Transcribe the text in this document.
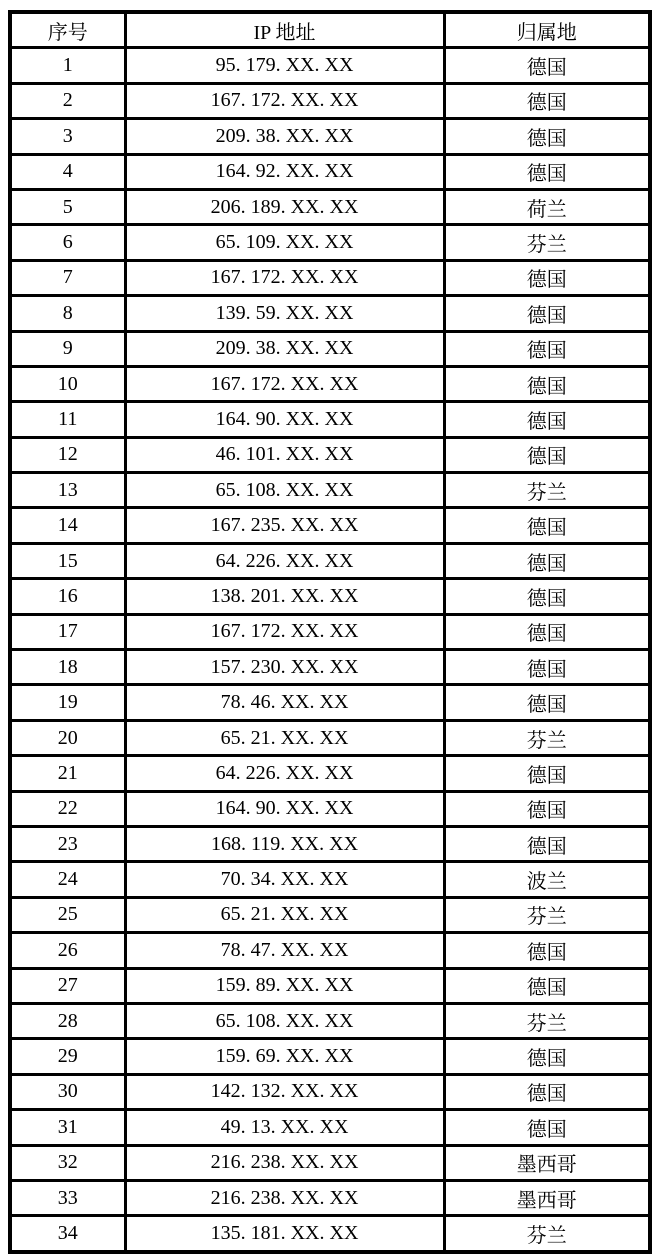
序号	IP 地址	归属地
1	95. 179. XX. XX	德国
2	167. 172. XX. XX	德国
3	209. 38. XX. XX	德国
4	164. 92. XX. XX	德国
5	206. 189. XX. XX	荷兰
6	65. 109. XX. XX	芬兰
7	167. 172. XX. XX	德国
8	139. 59. XX. XX	德国
9	209. 38. XX. XX	德国
10	167. 172. XX. XX	德国
11	164. 90. XX. XX	德国
12	46. 101. XX. XX	德国
13	65. 108. XX. XX	芬兰
14	167. 235. XX. XX	德国
15	64. 226. XX. XX	德国
16	138. 201. XX. XX	德国
17	167. 172. XX. XX	德国
18	157. 230. XX. XX	德国
19	78. 46. XX. XX	德国
20	65. 21. XX. XX	芬兰
21	64. 226. XX. XX	德国
22	164. 90. XX. XX	德国
23	168. 119. XX. XX	德国
24	70. 34. XX. XX	波兰
25	65. 21. XX. XX	芬兰
26	78. 47. XX. XX	德国
27	159. 89. XX. XX	德国
28	65. 108. XX. XX	芬兰
29	159. 69. XX. XX	德国
30	142. 132. XX. XX	德国
31	49. 13. XX. XX	德国
32	216. 238. XX. XX	墨西哥
33	216. 238. XX. XX	墨西哥
34	135. 181. XX. XX	芬兰
